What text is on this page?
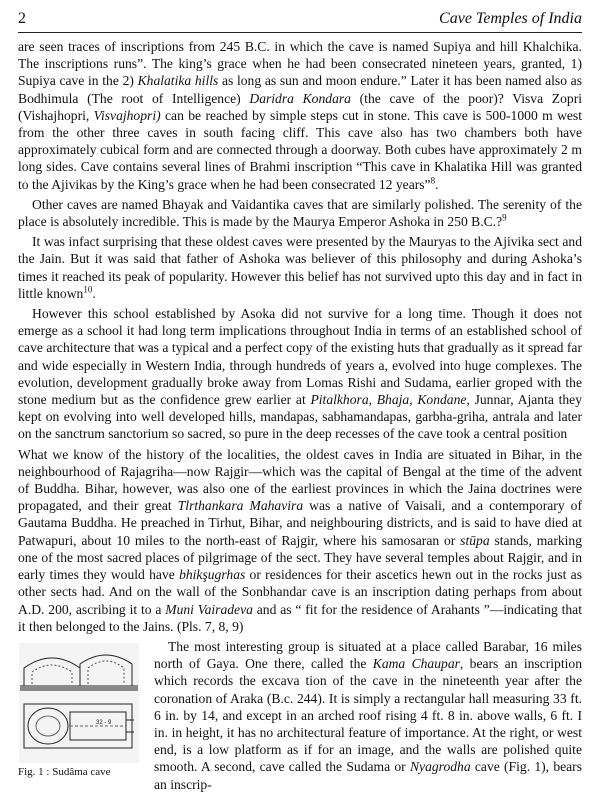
2	Cave Temples of India

are seen traces of inscriptions from 245 B.C. in which the cave is named Supiya and hill Khalchika. The inscriptions runs”. The king’s grace when he had been consecrated nineteen years, granted, 1) Supiya cave in the 2) Khalatika hills as long as sun and moon endure.” Later it has been named also as Bodhimula (The root of Intelligence) Daridra Kondara (the cave of the poor)? Visva Zopri (Vishajhopri, Visvajhopri) can be reached by simple steps cut in stone. This cave is 500-1000 m west from the other three caves in south facing cliff. This cave also has two chambers both have approximately cubical form and are connected through a doorway. Both cubes have approximately 2 m long sides. Cave contains several lines of Brahmi inscription “This cave in Khalatika Hill was granted to the Ajivikas by the King’s grace when he had been consecrated 12 years”$^8$.

Other caves are named Bhayak and Vaidantika caves that are similarly polished. The serenity of the place is absolutely incredible. This is made by the Maurya Emperor Ashoka in 250 B.C.?$^9$

It was infact surprising that these oldest caves were presented by the Mauryas to the Ajivika sect and the Jain. But it was said that father of Ashoka was believer of this philosophy and during Ashoka’s times it reached its peak of popularity. However this belief has not survived upto this day and in fact in little known$^{10}$.

However this school established by Asoka did not survive for a long time. Though it does not emerge as a school it had long term implications throughout India in terms of an established school of cave architecture that was a typical and a perfect copy of the existing huts that gradually as it spread far and wide especially in Western India, through hundreds of years a, evolved into huge complexes. The evolution, development gradually broke away from Lomas Rishi and Sudama, earlier groped with the stone medium but as the confidence grew earlier at Pitalkhora, Bhaja, Kondane, Junnar, Ajanta they kept on evolving into well developed hills, mandapas, sabhamandapas, garbha-griha, antrala and later on the sanctrum sanctorium so sacred, so pure in the deep recesses of the cave took a central position

What we know of the history of the localities, the oldest caves in India are situated in Bihar, in the neighbourhood of Rajagriha—now Rajgir—which was the capital of Bengal at the time of the advent of Buddha. Bihar, however, was also one of the earliest provinces in which the Jaina doctrines were propagated, and their great Tlrthankara Mahavira was a native of Vaisali, and a contemporary of Gautama Buddha. He preached in Tirhut, Bihar, and neighbouring districts, and is said to have died at Patwapuri, about 10 miles to the north-east of Rajgir, where his samosaran or stūpa stands, marking one of the most sacred places of pilgrimage of the sect. They have several temples about Rajgir, and in early times they would have bhikşugrhas or residences for their ascetics hewn out in the rocks just as other sects had. And on the wall of the Sonbhandar cave is an inscription dating perhaps from about A.D. 200, ascribing it to a Muni Vairadeva and as “ fit for the residence of Arahants ”—indicating that it then belonged to the Jains. (Pls. 7, 8, 9)

32 - 9
Fig. 1 : Sudâma cave

The most interesting group is situated at a place called Barabar, 16 miles north of Gaya. One there, called the Kama Chaupar, bears an inscription which records the excava tion of the cave in the nineteenth year after the coronation of Araka (B.c. 244). It is simply a rectangular hall measuring 33 ft. 6 in. by 14, and except in an arched roof rising 4 ft. 8 in. above walls, 6 ft. I in. in height, it has no architectural feature of importance. At the right, or west end, is a low platform as if for an image, and the walls are polished quite smooth. A second, cave called the Sudama or Nyagrodha cave (Fig. 1), bears an inscrip-
